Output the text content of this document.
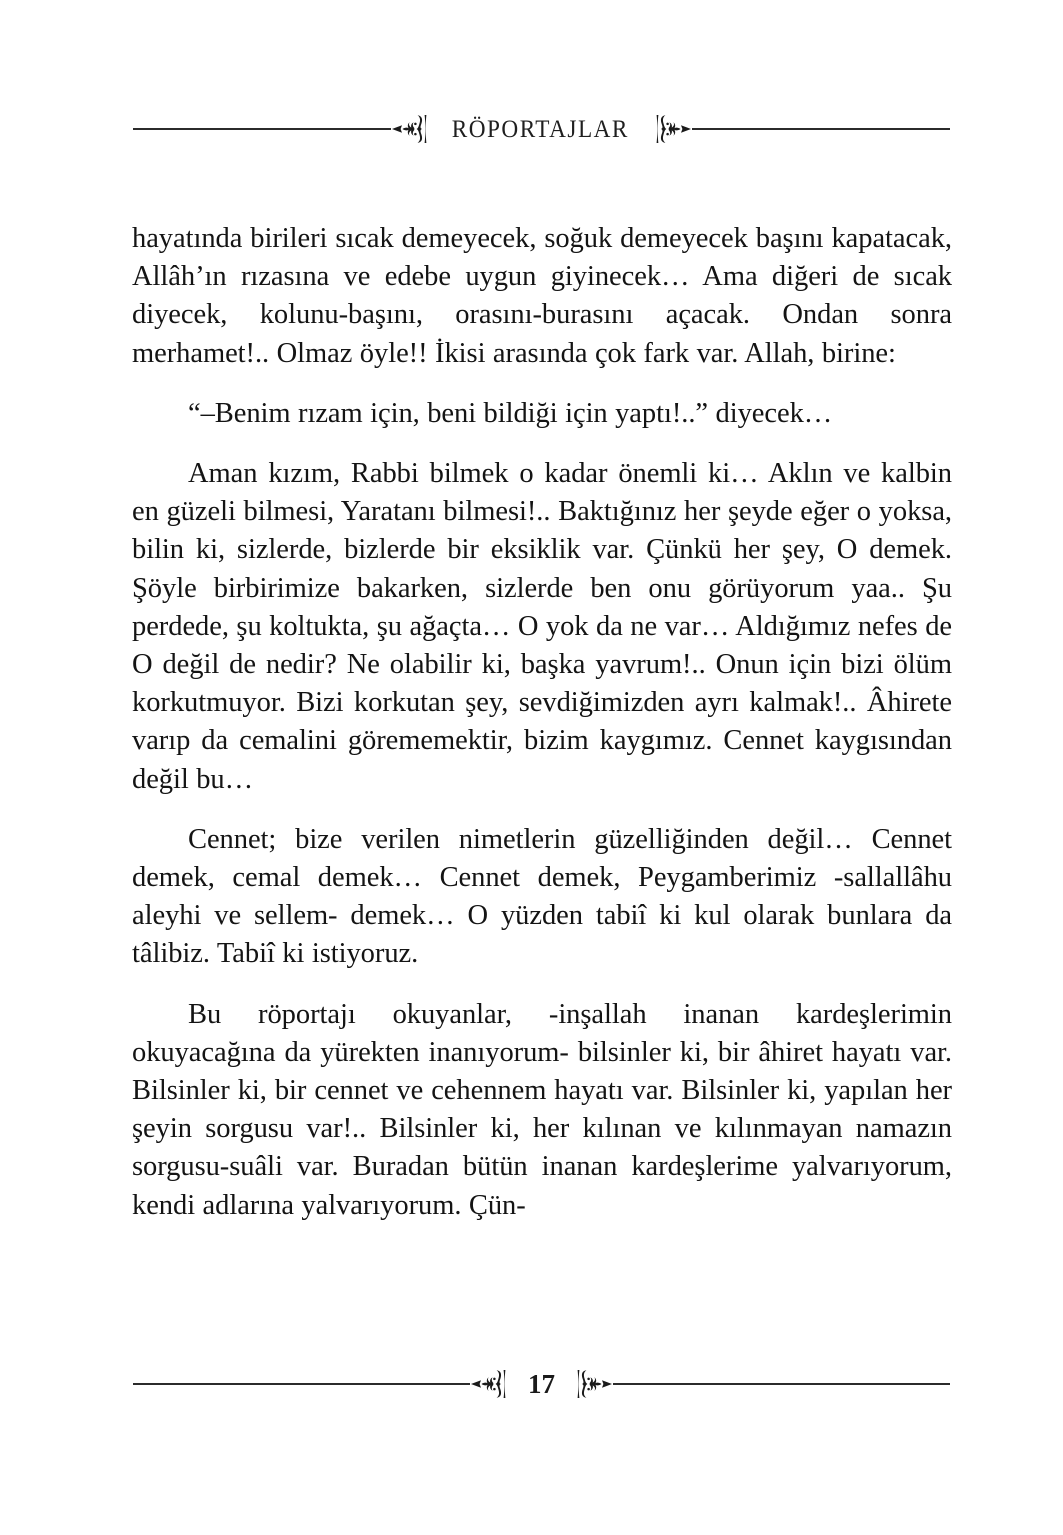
RÖPORTAJLAR

hayatında birileri sıcak demeyecek, soğuk demeyecek başını kapatacak, Allâh’ın rızasına ve edebe uygun giyinecek… Ama diğeri de sıcak diyecek, kolunu-başını, orasını-burasını açacak. Ondan sonra merhamet!.. Olmaz öyle!! İkisi arasında çok fark var. Allah, birine:

“–Benim rızam için, beni bildiği için yaptı!..” diyecek…

Aman kızım, Rabbi bilmek o kadar önemli ki… Aklın ve kalbin en güzeli bilmesi, Yaratanı bilmesi!.. Baktığınız her şeyde eğer o yoksa, bilin ki, sizlerde, bizlerde bir eksiklik var. Çünkü her şey, O demek. Şöyle birbirimize bakarken, sizlerde ben onu görüyorum yaa.. Şu perdede, şu koltukta, şu ağaçta… O yok da ne var… Aldığımız nefes de O değil de nedir? Ne olabilir ki, başka yavrum!.. Onun için bizi ölüm korkutmuyor. Bizi korkutan şey, sevdiğimizden ayrı kalmak!.. Âhirete varıp da cemalini görememektir, bizim kaygımız. Cennet kaygısından değil bu…

Cennet; bize verilen nimetlerin güzelliğinden değil… Cennet demek, cemal demek… Cennet demek, Peygamberimiz -sallallâhu aleyhi ve sellem- demek… O yüzden tabiî ki kul olarak bunlara da tâlibiz. Tabiî ki istiyoruz.

Bu röportajı okuyanlar, -inşallah inanan kardeşlerimin okuyacağına da yürekten inanıyorum- bilsinler ki, bir âhiret hayatı var. Bilsinler ki, bir cennet ve cehennem hayatı var. Bilsinler ki, yapılan her şeyin sorgusu var!.. Bilsinler ki, her kılınan ve kılınmayan namazın sorgusu-suâli var. Buradan bütün inanan kardeşlerime yalvarıyorum, kendi adlarına yalvarıyorum. Çün-

17
